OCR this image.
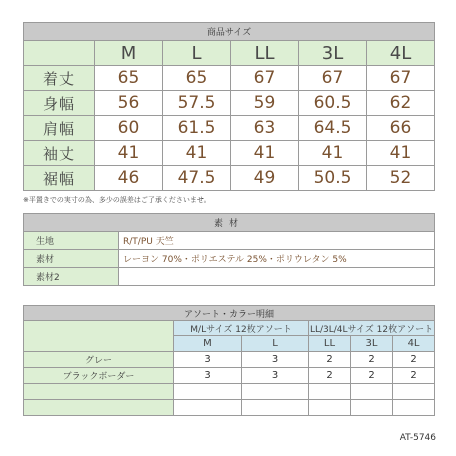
商品サイズ					
	M	L	LL	3L	4L
着丈	65	65	67	67	67
身幅	56	57.5	59	60.5	62
肩幅	60	61.5	63	64.5	66
袖丈	41	41	41	41	41
裾幅	46	47.5	49	50.5	52
※平置きでの実寸の為、多少の誤差はご了承くださいませ。
素材	
生地	R/T/PU 天竺
素材	レーヨン 70%・ポリエステル 25%・ポリウレタン 5%
素材2	
アソート・カラー明細					
	M/Lサイズ 12枚アソート		LL/3L/4Lサイズ 12枚アソート		
	M	L	LL	3L	4L
グレー	3	3	2	2	2
ブラックボーダー	3	3	2	2	2

AT-5746
